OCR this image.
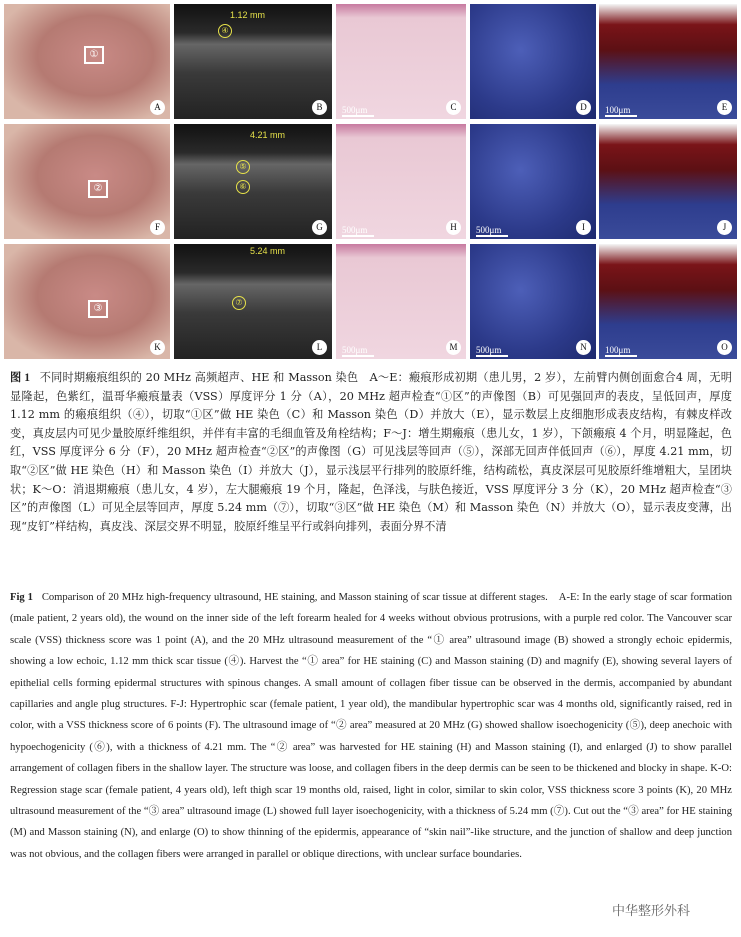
A
①
B
1.12 mm
④
C
500μm	D	E
100μm
F
②
G
4.21 mm
⑤
⑥
H
500μm	I
500μm	J
K
③
L
5.24 mm
⑦
M
500μm	N
500μm	O
100μm
图 1 不同时期瘢痕组织的 20 MHz 高频超声、HE 和 Masson 染色　A～E：瘢痕形成初期（患儿男，2 岁），左前臂内侧创面愈合4 周，无明显隆起，色紫红，温哥华瘢痕量表（VSS）厚度评分 1 分（A），20 MHz 超声检查“①区”的声像图（B）可见强回声的表皮，呈低回声，厚度 1.12 mm 的瘢痕组织（④），切取“①区”做 HE 染色（C）和 Masson 染色（D）并放大（E），显示数层上皮细胞形成表皮结构，有棘皮样改变，真皮层内可见少量胶原纤维组织，并伴有丰富的毛细血管及角栓结构；F～J：增生期瘢痕（患儿女，1 岁），下颌瘢痕 4 个月，明显隆起，色红，VSS 厚度评分 6 分（F），20 MHz 超声检查“②区”的声像图（G）可见浅层等回声（⑤），深部无回声伴低回声（⑥），厚度 4.21 mm，切取“②区”做 HE 染色（H）和 Masson 染色（I）并放大（J），显示浅层平行排列的胶原纤维，结构疏松，真皮深层可见胶原纤维增粗大，呈团块状；K～O：消退期瘢痕（患儿女，4 岁），左大腿瘢痕 19 个月，隆起，色泽浅，与肤色接近，VSS 厚度评分 3 分（K），20 MHz 超声检查“③区”的声像图（L）可见全层等回声，厚度 5.24 mm（⑦），切取“③区”做 HE 染色（M）和 Masson 染色（N）并放大（O），显示表皮变薄，出现“皮钉”样结构，真皮浅、深层交界不明显，胶原纤维呈平行或斜向排列，表面分界不清
Fig 1 Comparison of 20 MHz high-frequency ultrasound, HE staining, and Masson staining of scar tissue at different stages.　A-E: In the early stage of scar formation (male patient, 2 years old), the wound on the inner side of the left forearm healed for 4 weeks without obvious protrusions, with a purple red color. The Vancouver scar scale (VSS) thickness score was 1 point (A), and the 20 MHz ultrasound measurement of the “① area” ultrasound image (B) showed a strongly echoic epidermis, showing a low echoic, 1.12 mm thick scar tissue (④). Harvest the “① area” for HE staining (C) and Masson staining (D) and magnify (E), showing several layers of epithelial cells forming epidermal structures with spinous changes. A small amount of collagen fiber tissue can be observed in the dermis, accompanied by abundant capillaries and angle plug structures. F-J: Hypertrophic scar (female patient, 1 year old), the mandibular hypertrophic scar was 4 months old, significantly raised, red in color, with a VSS thickness score of 6 points (F). The ultrasound image of “② area” measured at 20 MHz (G) showed shallow isoechogenicity (⑤), deep anechoic with hypoechogenicity (⑥), with a thickness of 4.21 mm. The “② area” was harvested for HE staining (H) and Masson staining (I), and enlarged (J) to show parallel arrangement of collagen fibers in the shallow layer. The structure was loose, and collagen fibers in the deep dermis can be seen to be thickened and blocky in shape. K-O: Regression stage scar (female patient, 4 years old), left thigh scar 19 months old, raised, light in color, similar to skin color, VSS thickness score 3 points (K), 20 MHz ultrasound measurement of the “③ area” ultrasound image (L) showed full layer isoechogenicity, with a thickness of 5.24 mm (⑦). Cut out the “③ area” for HE staining (M) and Masson staining (N), and enlarge (O) to show thinning of the epidermis, appearance of “skin nail”-like structure, and the junction of shallow and deep junction was not obvious, and the collagen fibers were arranged in parallel or oblique directions, with unclear surface boundaries.
中华整形外科
